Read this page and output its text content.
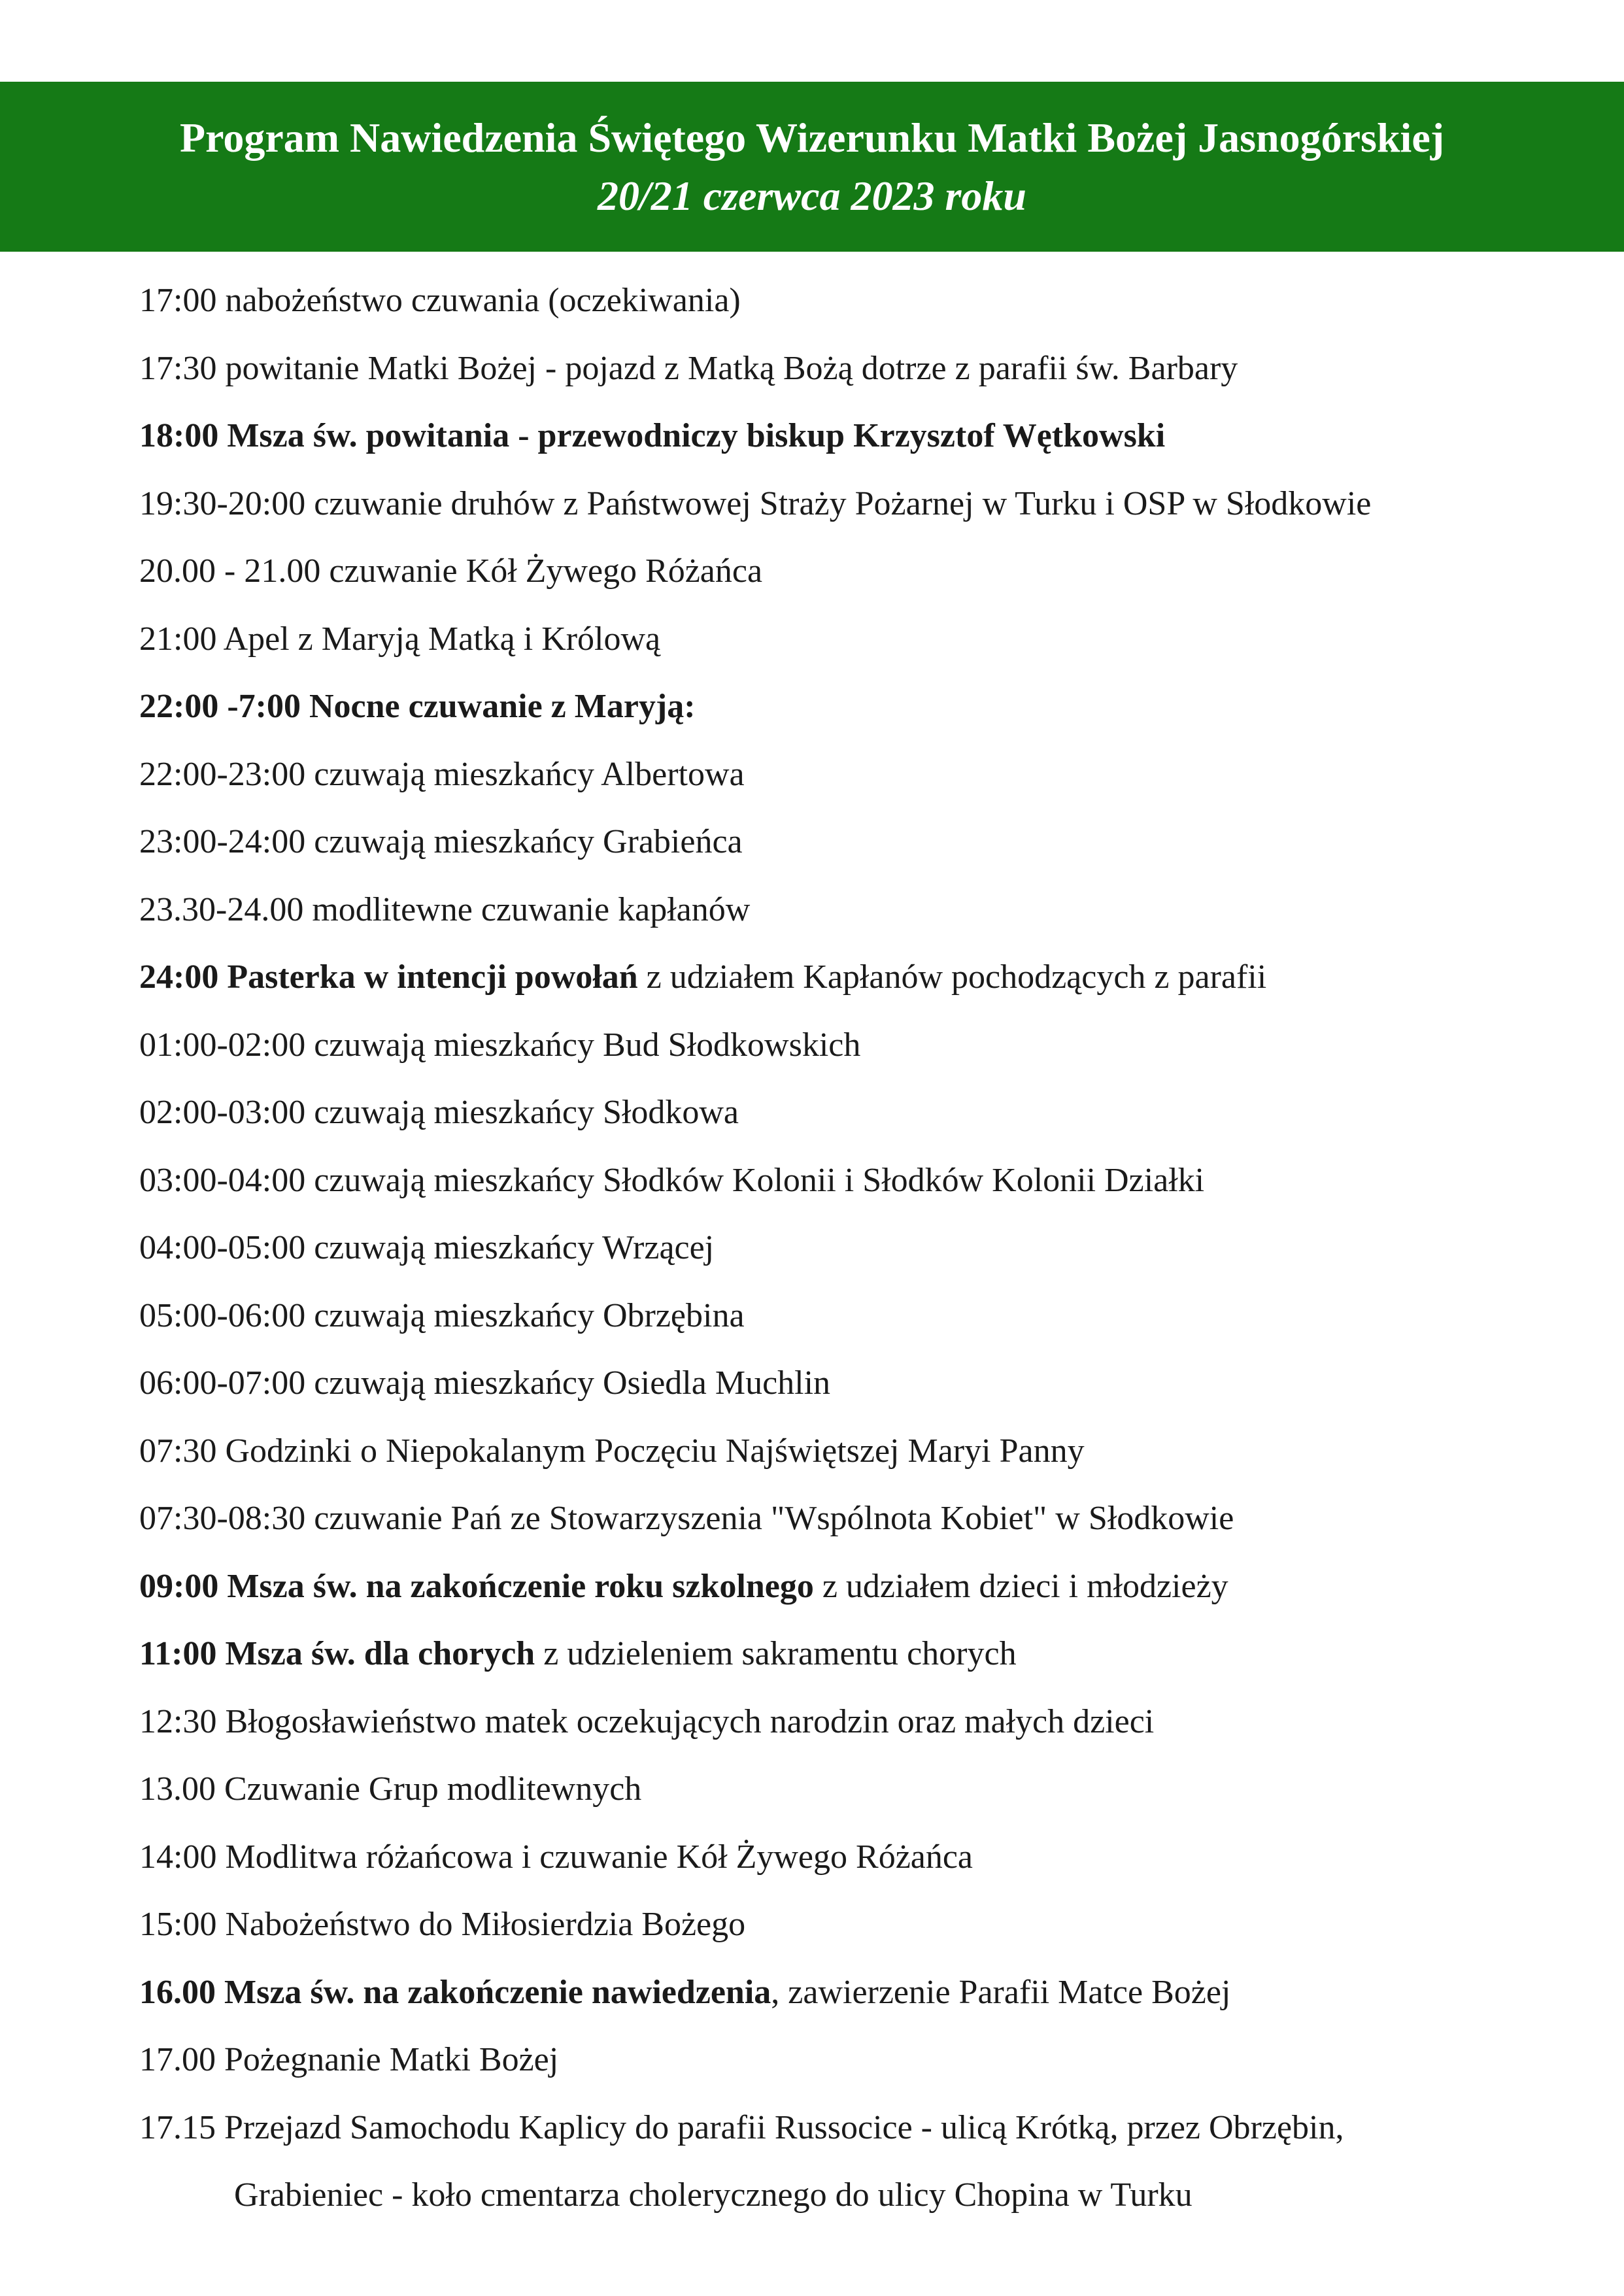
Program Nawiedzenia Świętego Wizerunku Matki Bożej Jasnogórskiej
20/21 czerwca 2023 roku
17:00 nabożeństwo czuwania (oczekiwania)
17:30 powitanie Matki Bożej - pojazd z Matką Bożą dotrze z parafii św. Barbary
18:00 Msza św. powitania - przewodniczy biskup Krzysztof Wętkowski
19:30-20:00 czuwanie druhów z Państwowej Straży Pożarnej w Turku i OSP w Słodkowie
20.00 - 21.00 czuwanie Kół Żywego Różańca
21:00 Apel z Maryją Matką i Królową
22:00 -7:00 Nocne czuwanie z Maryją:
22:00-23:00 czuwają mieszkańcy Albertowa
23:00-24:00 czuwają mieszkańcy Grabieńca
23.30-24.00 modlitewne czuwanie kapłanów
24:00 Pasterka w intencji powołań z udziałem Kapłanów pochodzących z parafii
01:00-02:00 czuwają mieszkańcy Bud Słodkowskich
02:00-03:00 czuwają mieszkańcy Słodkowa
03:00-04:00 czuwają mieszkańcy Słodków Kolonii i Słodków Kolonii Działki
04:00-05:00 czuwają mieszkańcy Wrzącej
05:00-06:00 czuwają mieszkańcy Obrzębina
06:00-07:00 czuwają mieszkańcy Osiedla Muchlin
07:30 Godzinki o Niepokalanym Poczęciu Najświętszej Maryi Panny
07:30-08:30 czuwanie Pań ze Stowarzyszenia "Wspólnota Kobiet" w Słodkowie
09:00 Msza św. na zakończenie roku szkolnego z udziałem dzieci i młodzieży
11:00 Msza św. dla chorych z udzieleniem sakramentu chorych
12:30 Błogosławieństwo matek oczekujących narodzin oraz małych dzieci
13.00 Czuwanie Grup modlitewnych
14:00 Modlitwa różańcowa i czuwanie Kół Żywego Różańca
15:00 Nabożeństwo do Miłosierdzia Bożego
16.00 Msza św. na zakończenie nawiedzenia, zawierzenie Parafii Matce Bożej
17.00 Pożegnanie Matki Bożej
17.15 Przejazd Samochodu Kaplicy do parafii Russocice - ulicą Krótką, przez Obrzębin,
Grabieniec - koło cmentarza cholerycznego do ulicy Chopina w Turku
